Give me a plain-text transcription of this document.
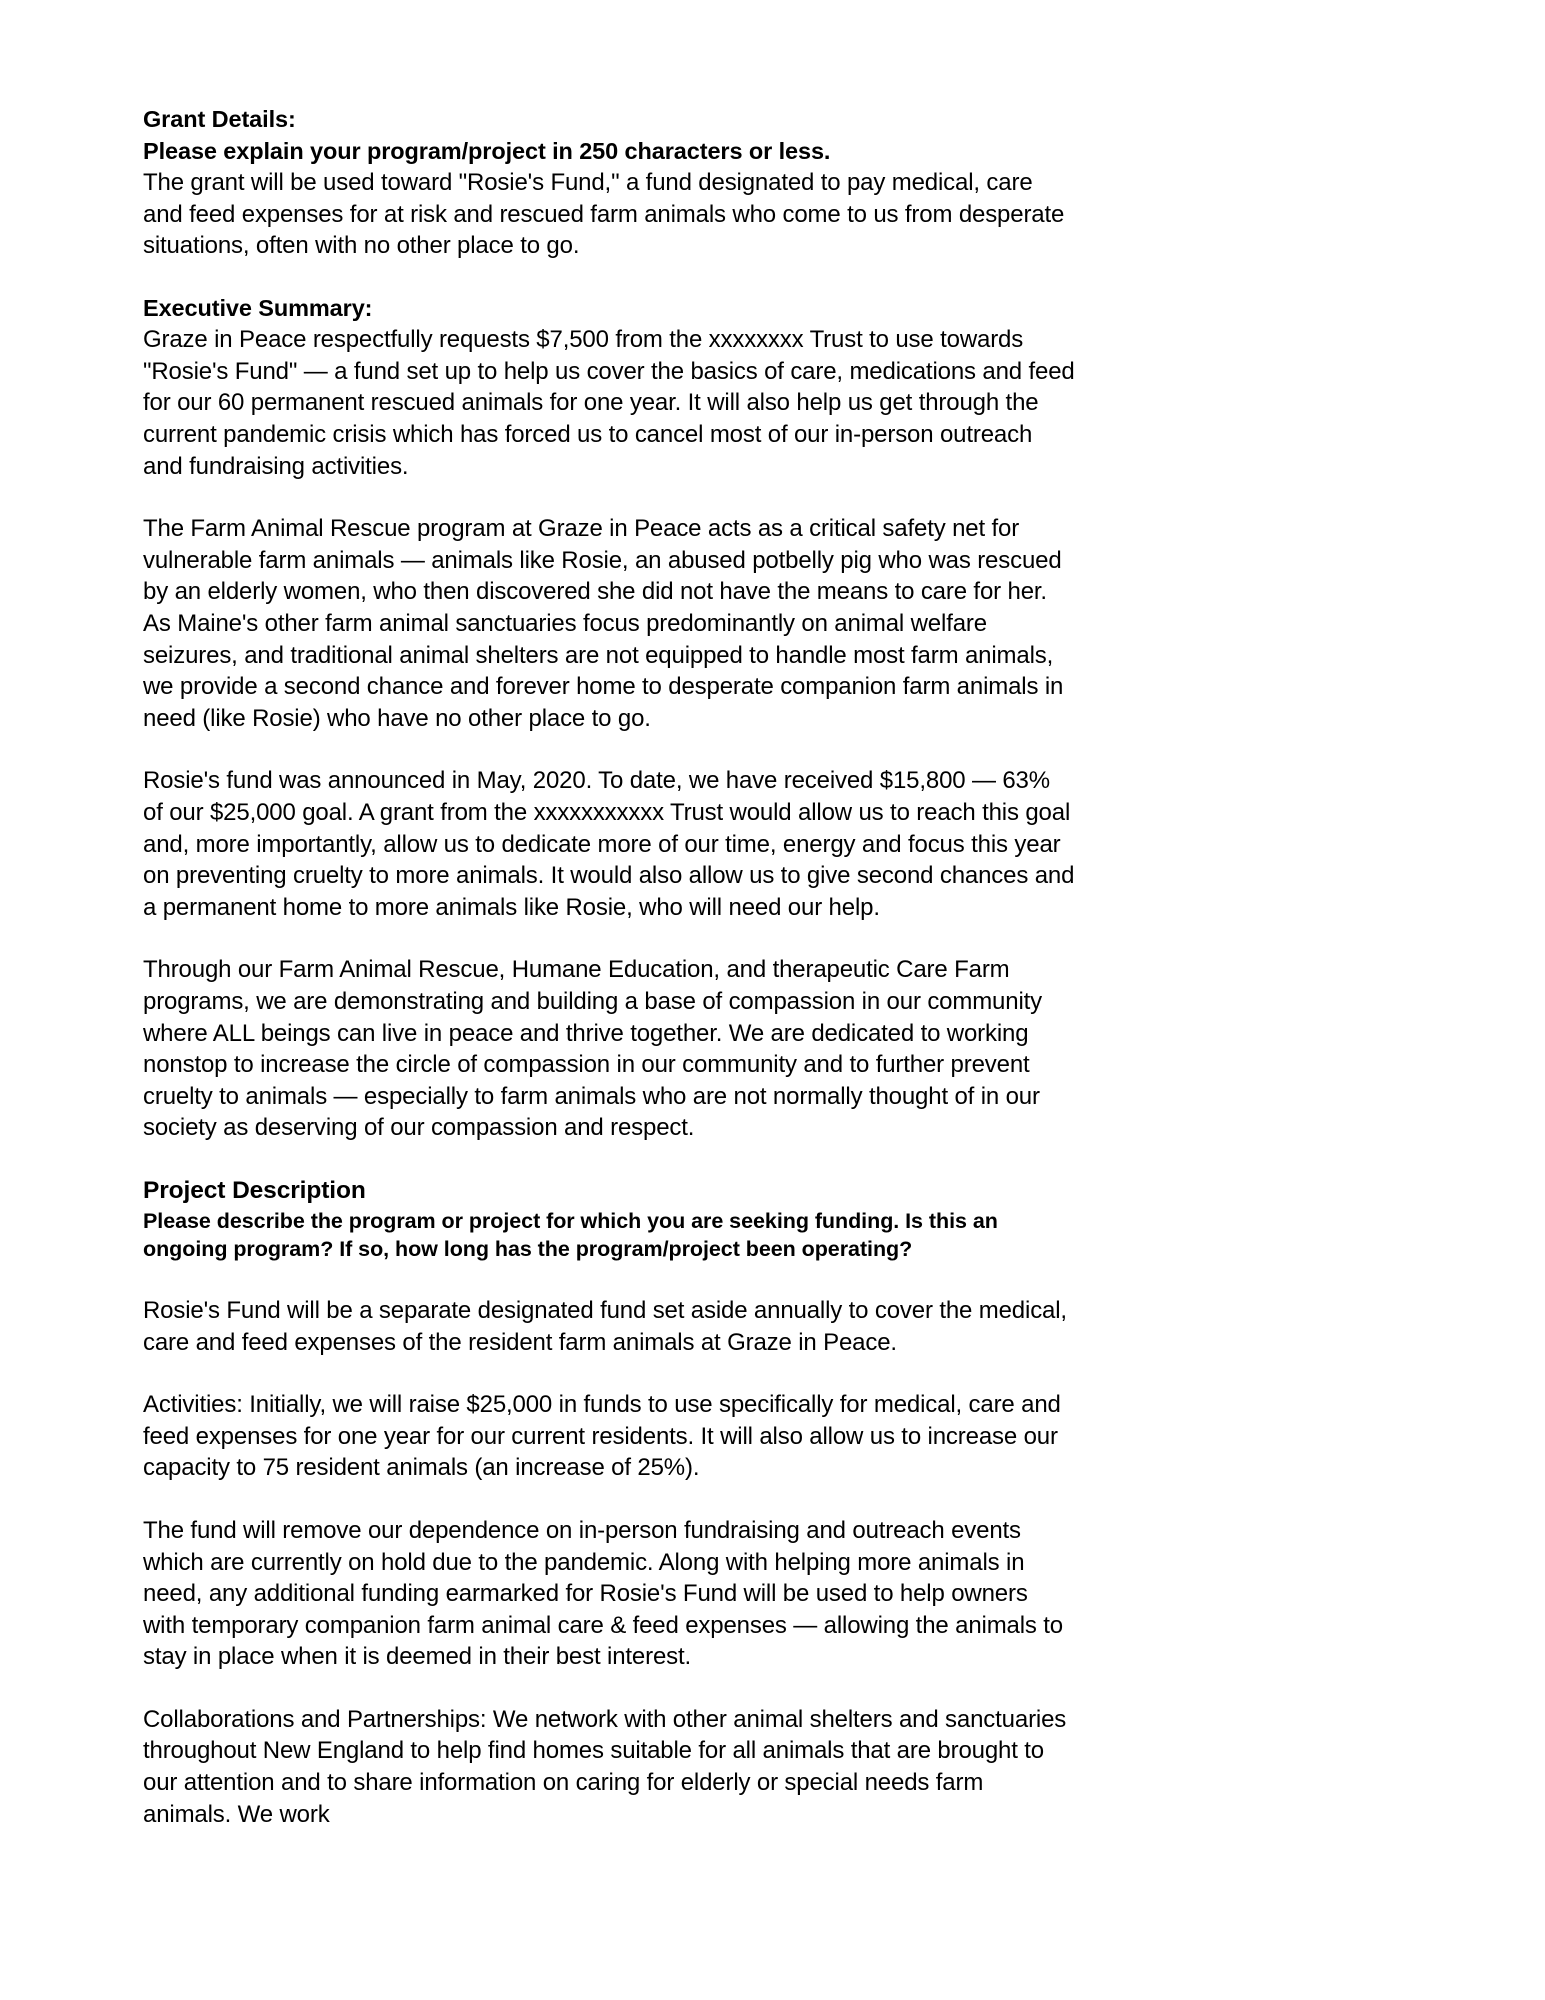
Grant Details:
Please explain your program/project in 250 characters or less.

The grant will be used toward "Rosie's Fund," a fund designated to pay medical, care and feed expenses for at risk and rescued farm animals who come to us from desperate situations, often with no other place to go.

Executive Summary:

Graze in Peace respectfully requests $7,500 from the xxxxxxxx Trust to use towards "Rosie's Fund" — a fund set up to help us cover the basics of care, medications and feed for our 60 permanent rescued animals for one year. It will also help us get through the current pandemic crisis which has forced us to cancel most of our in-person outreach and fundraising activities.

The Farm Animal Rescue program at Graze in Peace acts as a critical safety net for vulnerable farm animals — animals like Rosie, an abused potbelly pig who was rescued by an elderly women, who then discovered she did not have the means to care for her. As Maine's other farm animal sanctuaries focus predominantly on animal welfare seizures, and traditional animal shelters are not equipped to handle most farm animals, we provide a second chance and forever home to desperate companion farm animals in need (like Rosie) who have no other place to go.

Rosie's fund was announced in May, 2020. To date, we have received $15,800 — 63% of our $25,000 goal. A grant from the xxxxxxxxxxx Trust would allow us to reach this goal and, more importantly, allow us to dedicate more of our time, energy and focus this year on preventing cruelty to more animals. It would also allow us to give second chances and a permanent home to more animals like Rosie, who will need our help.

Through our Farm Animal Rescue, Humane Education, and therapeutic Care Farm programs, we are demonstrating and building a base of compassion in our community where ALL beings can live in peace and thrive together. We are dedicated to working nonstop to increase the circle of compassion in our community and to further prevent cruelty to animals — especially to farm animals who are not normally thought of in our society as deserving of our compassion and respect.

Project Description
Please describe the program or project for which you are seeking funding. Is this an ongoing program? If so, how long has the program/project been operating?

Rosie's Fund will be a separate designated fund set aside annually to cover the medical, care and feed expenses of the resident farm animals at Graze in Peace.

Activities: Initially, we will raise $25,000 in funds to use specifically for medical, care and feed expenses for one year for our current residents. It will also allow us to increase our capacity to 75 resident animals (an increase of 25%).

The fund will remove our dependence on in-person fundraising and outreach events which are currently on hold due to the pandemic. Along with helping more animals in need, any additional funding earmarked for Rosie's Fund will be used to help owners with temporary companion farm animal care & feed expenses — allowing the animals to stay in place when it is deemed in their best interest.

Collaborations and Partnerships: We network with other animal shelters and sanctuaries throughout New England to help find homes suitable for all animals that are brought to our attention and to share information on caring for elderly or special needs farm animals. We work
